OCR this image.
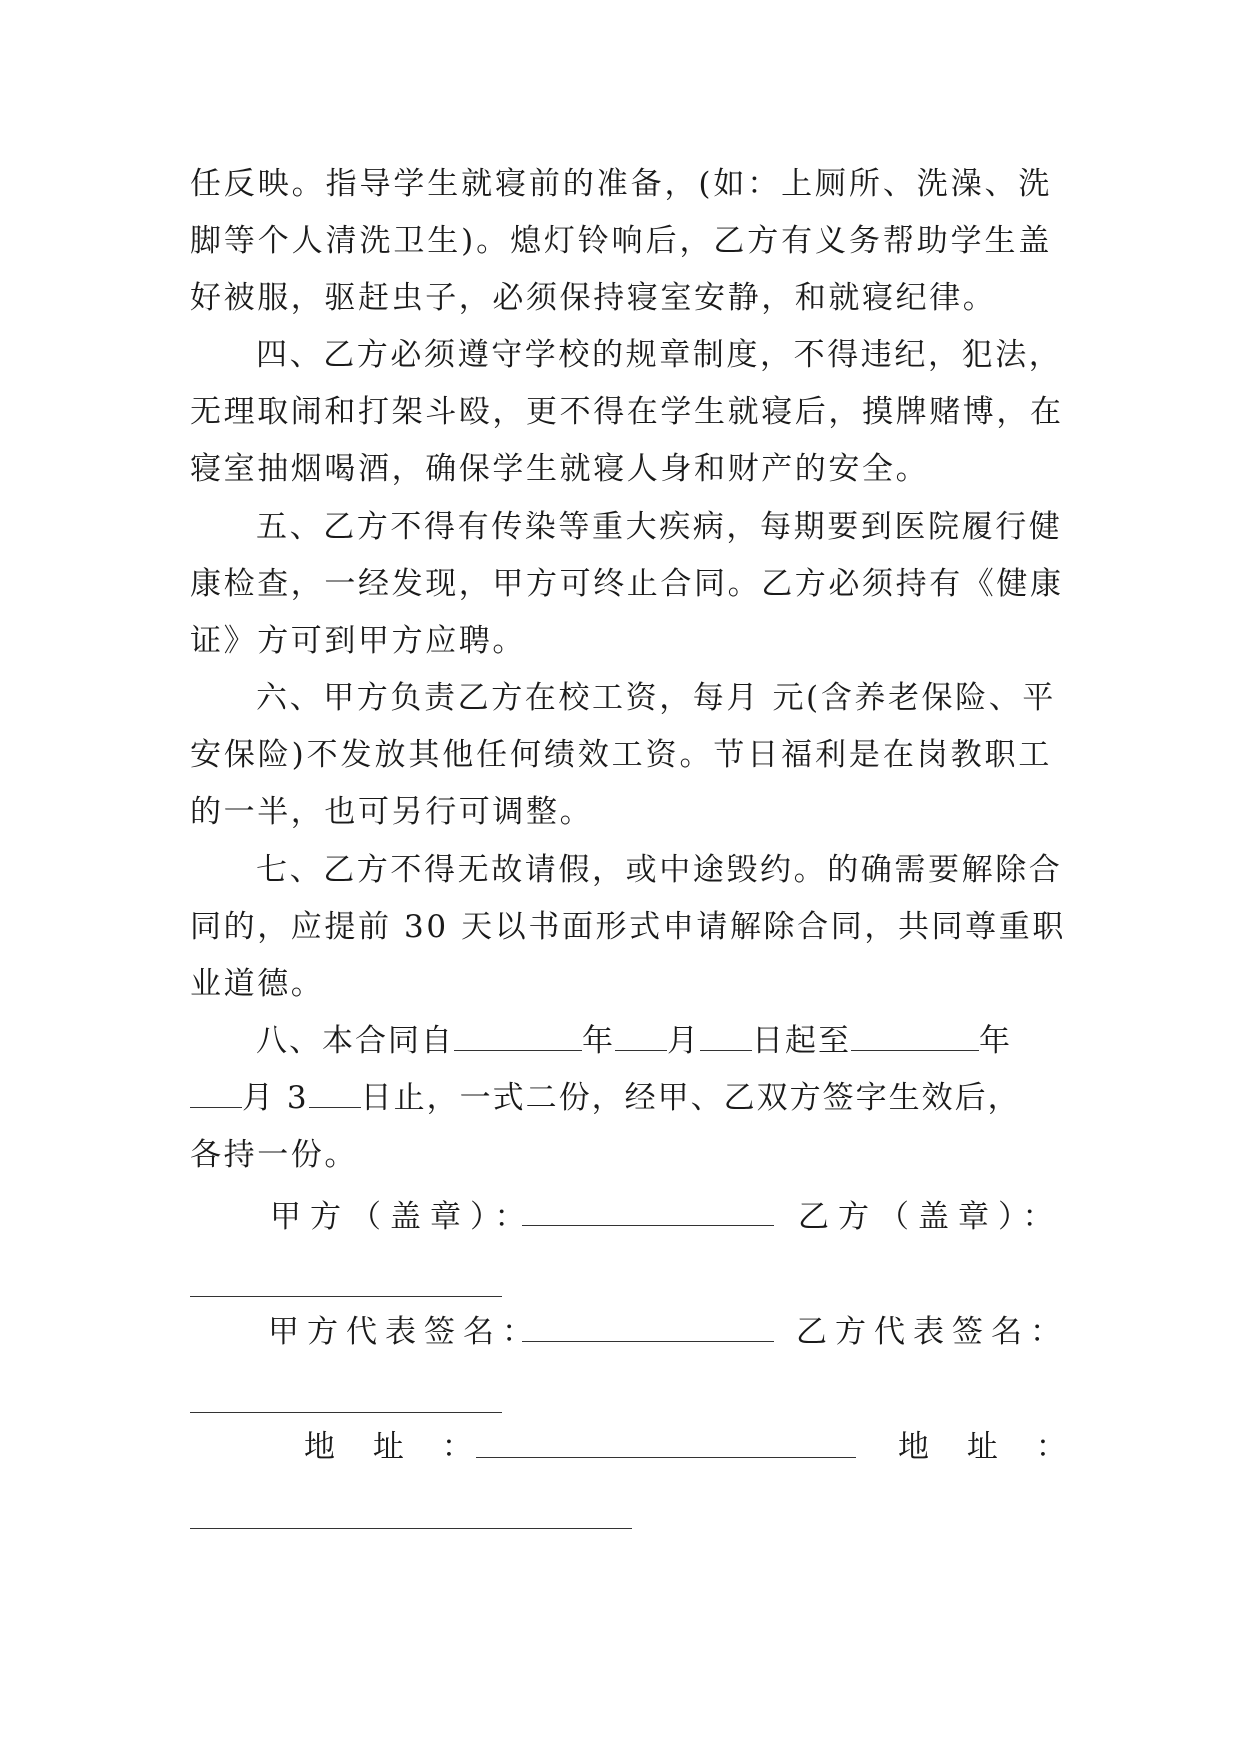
任反映。指导学生就寝前的准备，(如：上厕所、洗澡、洗
脚等个人清洗卫生)。熄灯铃响后，乙方有义务帮助学生盖
好被服，驱赶虫子，必须保持寝室安静，和就寝纪律。
四、乙方必须遵守学校的规章制度，不得违纪，犯法，
无理取闹和打架斗殴，更不得在学生就寝后，摸牌赌博，在
寝室抽烟喝酒，确保学生就寝人身和财产的安全。
五、乙方不得有传染等重大疾病，每期要到医院履行健
康检查，一经发现，甲方可终止合同。乙方必须持有《健康
证》方可到甲方应聘。
六、甲方负责乙方在校工资，每月 元(含养老保险、平
安保险)不发放其他任何绩效工资。节日福利是在岗教职工
的一半，也可另行可调整。
七、乙方不得无故请假，或中途毁约。的确需要解除合
同的，应提前 30 天以书面形式申请解除合同，共同尊重职
业道德。
八、本合同自	年 月 日起至	年
月 3 日止，一式二份，经甲、乙双方签字生效后，
各持一份。
甲方（盖章）：	乙方（盖章）：
甲方代表签名：	乙方代表签名：
地 址 ：	地 址 ：
